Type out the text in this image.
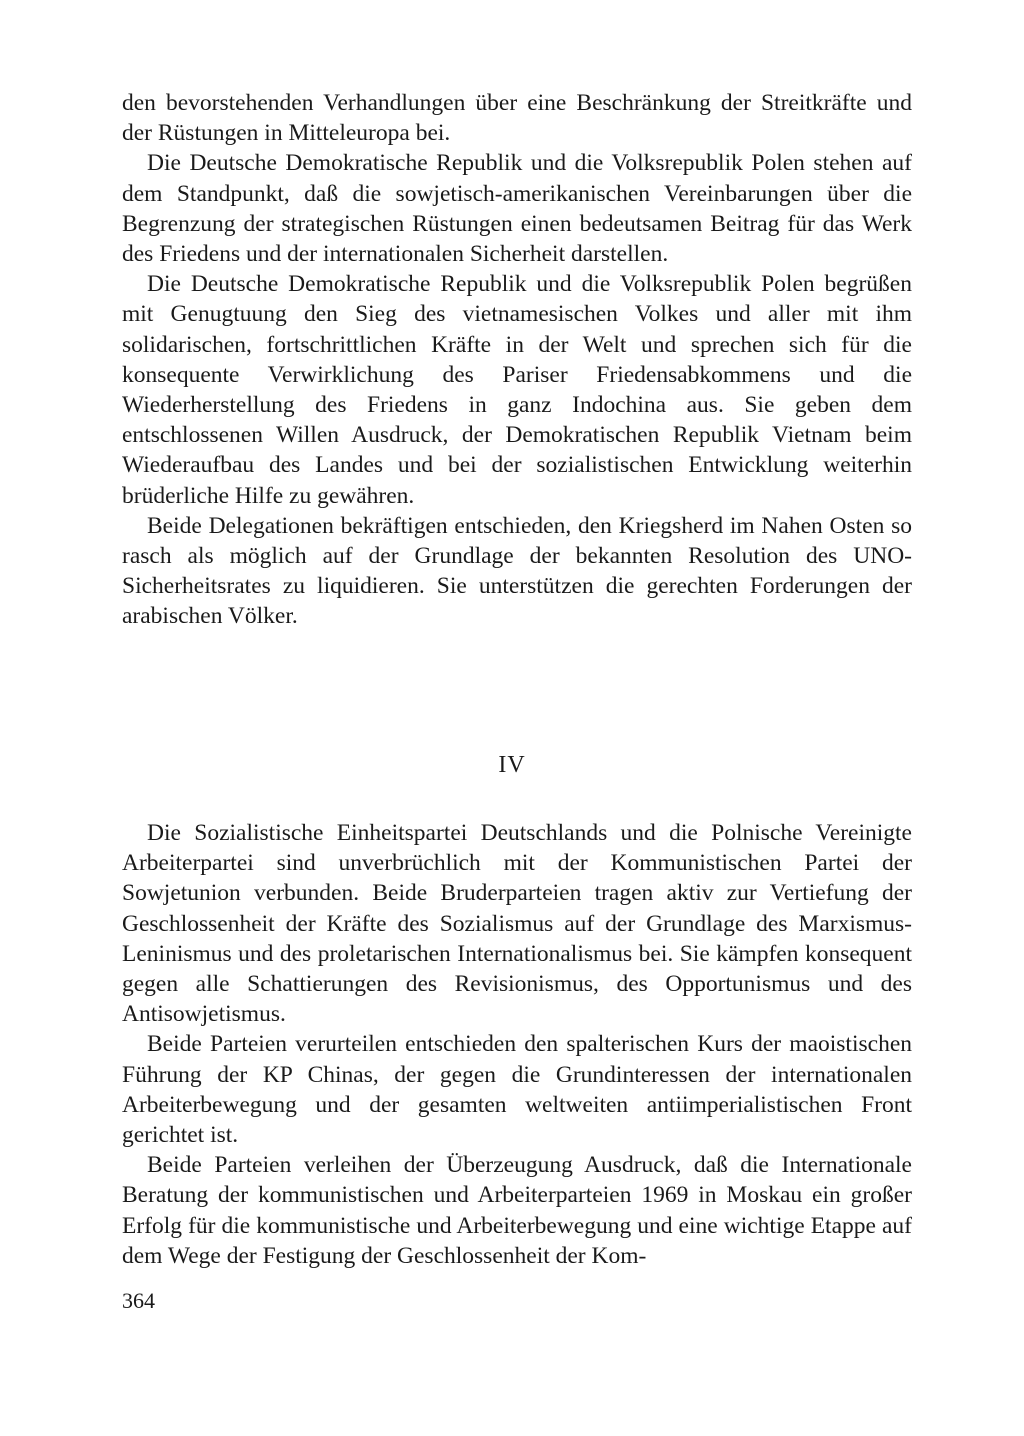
den bevorstehenden Verhandlungen über eine Beschränkung der Streitkräfte und der Rüstungen in Mitteleuropa bei.

Die Deutsche Demokratische Republik und die Volksrepublik Polen stehen auf dem Standpunkt, daß die sowjetisch-amerikanischen Vereinbarungen über die Begrenzung der strategischen Rüstungen einen bedeutsamen Beitrag für das Werk des Friedens und der internationalen Sicherheit darstellen.

Die Deutsche Demokratische Republik und die Volksrepublik Polen begrüßen mit Genugtuung den Sieg des vietnamesischen Volkes und aller mit ihm solidarischen, fortschrittlichen Kräfte in der Welt und sprechen sich für die konsequente Verwirklichung des Pariser Friedensabkommens und die Wiederherstellung des Friedens in ganz Indochina aus. Sie geben dem entschlossenen Willen Ausdruck, der Demokratischen Republik Vietnam beim Wiederaufbau des Landes und bei der sozialistischen Entwicklung weiterhin brüderliche Hilfe zu gewähren.

Beide Delegationen bekräftigen entschieden, den Kriegsherd im Nahen Osten so rasch als möglich auf der Grundlage der bekannten Resolution des UNO-Sicherheitsrates zu liquidieren. Sie unterstützen die gerechten Forderungen der arabischen Völker.

IV

Die Sozialistische Einheitspartei Deutschlands und die Polnische Vereinigte Arbeiterpartei sind unverbrüchlich mit der Kommunistischen Partei der Sowjetunion verbunden. Beide Bruderparteien tragen aktiv zur Vertiefung der Geschlossenheit der Kräfte des Sozialismus auf der Grundlage des Marxismus-Leninismus und des proletarischen Internationalismus bei. Sie kämpfen konsequent gegen alle Schattierungen des Revisionismus, des Opportunismus und des Antisowjetismus.

Beide Parteien verurteilen entschieden den spalterischen Kurs der maoistischen Führung der KP Chinas, der gegen die Grundinteressen der internationalen Arbeiterbewegung und der gesamten weltweiten antiimperialistischen Front gerichtet ist.

Beide Parteien verleihen der Überzeugung Ausdruck, daß die Internationale Beratung der kommunistischen und Arbeiterparteien 1969 in Moskau ein großer Erfolg für die kommunistische und Arbeiterbewegung und eine wichtige Etappe auf dem Wege der Festigung der Geschlossenheit der Kom-

364
